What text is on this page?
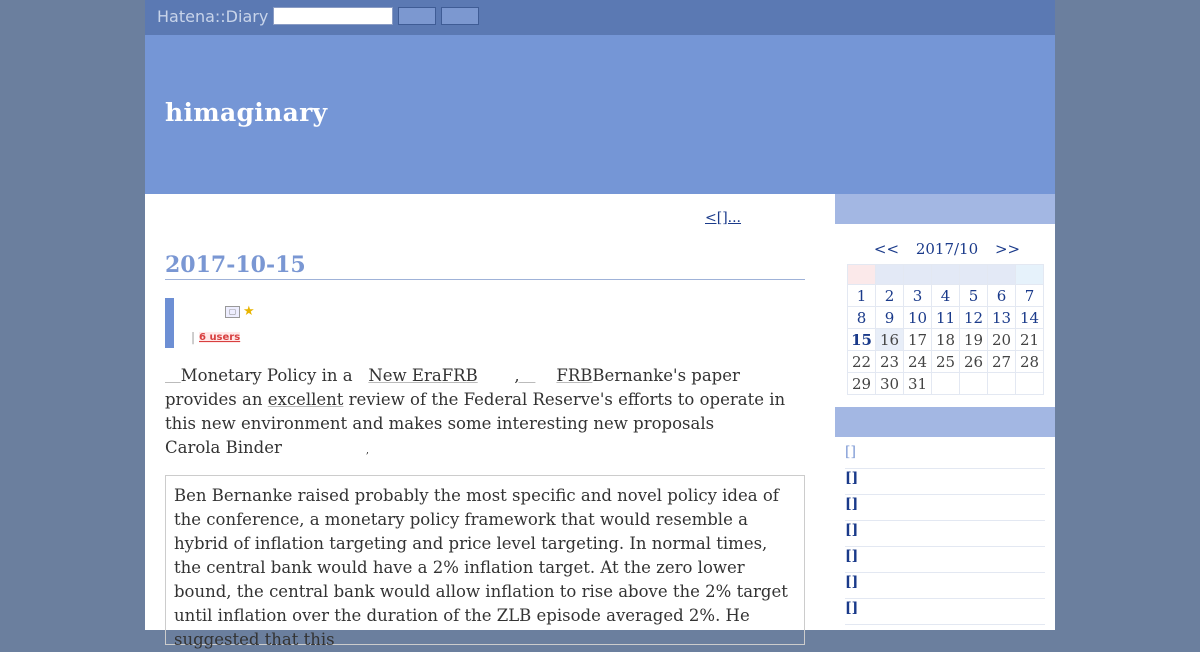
Hatena::Diary
himaginary
<[]...
2017-10-15
▢ ★
| 6 users

​   Monetary Policy in a New EraFRB , FRBBernanke's paper provides an excellent review of the Federal Reserve's efforts to operate in this new environment and makes some interesting new proposals
Carola Binder	,

Ben Bernanke raised probably the most specific and novel policy idea of the conference, a monetary policy framework that would resemble a hybrid of inflation targeting and price level targeting. In normal times, the central bank would have a 2% inflation target. At the zero lower bound, the central bank would allow inflation to rise above the 2% target until inflation over the duration of the ZLB episode averaged 2%. He suggested that this
<< 2017/10 >>

1	2	3	4	5	6	7
8	9	10	11	12	13	14
15	16	17	18	19	20	21
22	23	24	25	26	27	28
29	30	31				
[]
[]
[]
[]
[]
[]
[]
